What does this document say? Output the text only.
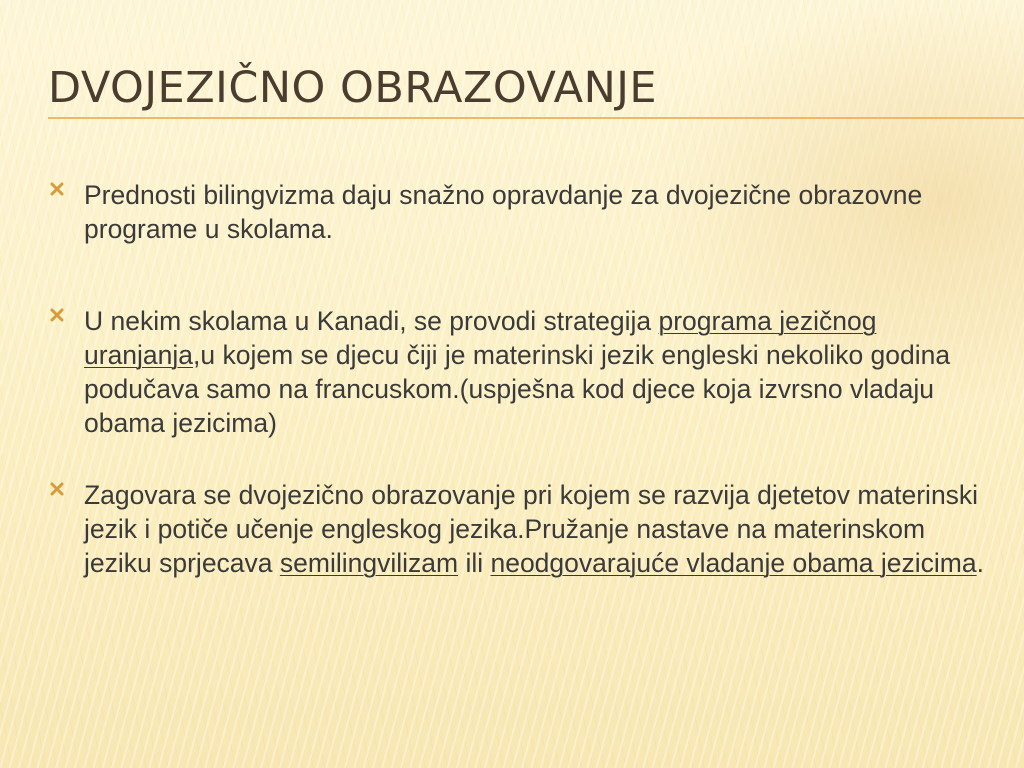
DVOJEZIČNO OBRAZOVANJE
Prednosti bilingvizma daju snažno opravdanje za dvojezične obrazovne programe u skolama.
U nekim skolama u Kanadi, se provodi strategija programa jezičnog uranjanja,u kojem se djecu čiji je materinski jezik engleski nekoliko godina podučava samo na francuskom.(uspješna kod djece koja izvrsno vladaju obama jezicima)
Zagovara se dvojezično obrazovanje pri kojem se razvija djetetov materinski jezik i potiče učenje engleskog jezika.Pružanje nastave na materinskom jeziku sprjecava semilingvilizam ili neodgovarajuće vladanje obama jezicima.
